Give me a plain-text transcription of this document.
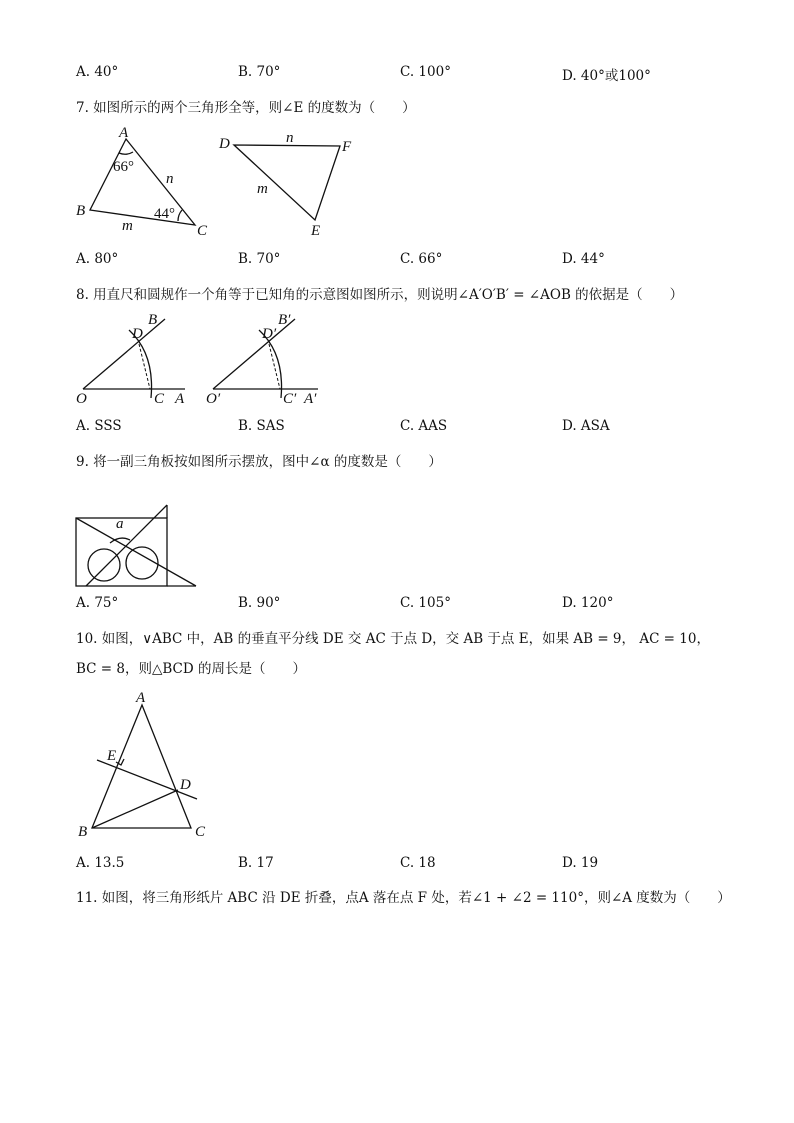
A. 40°	B. 70°	C. 100°	D. 40°或100°
7. 如图所示的两个三角形全等，则∠E 的度数为（　　）
A
B
C
66°
44°
n
m
D	F
E
n
m
A. 80°	B. 70°	C. 66°	D. 44°
8. 用直尺和圆规作一个角等于已知角的示意图如图所示，则说明∠A′O′B′ = ∠AOB 的依据是（　　）
O	C A
D
B
O′	C′ A′
D′
B′
A. SSS	B. SAS	C. AAS	D. ASA
9. 将一副三角板按如图所示摆放，图中∠α 的度数是（　　）
a
A. 75°	B. 90°	C. 105°	D. 120°
10. 如图，∨ABC 中，AB 的垂直平分线 DE 交 AC 于点 D，交 AB 于点 E，如果 AB = 9， AC = 10，
BC = 8，则△BCD 的周长是（　　）
A
B	C
D
E
A. 13.5	B. 17	C. 18	D. 19
11. 如图，将三角形纸片 ABC 沿 DE 折叠，点A 落在点 F 处，若∠1 + ∠2 = 110°，则∠A 度数为（　　）
